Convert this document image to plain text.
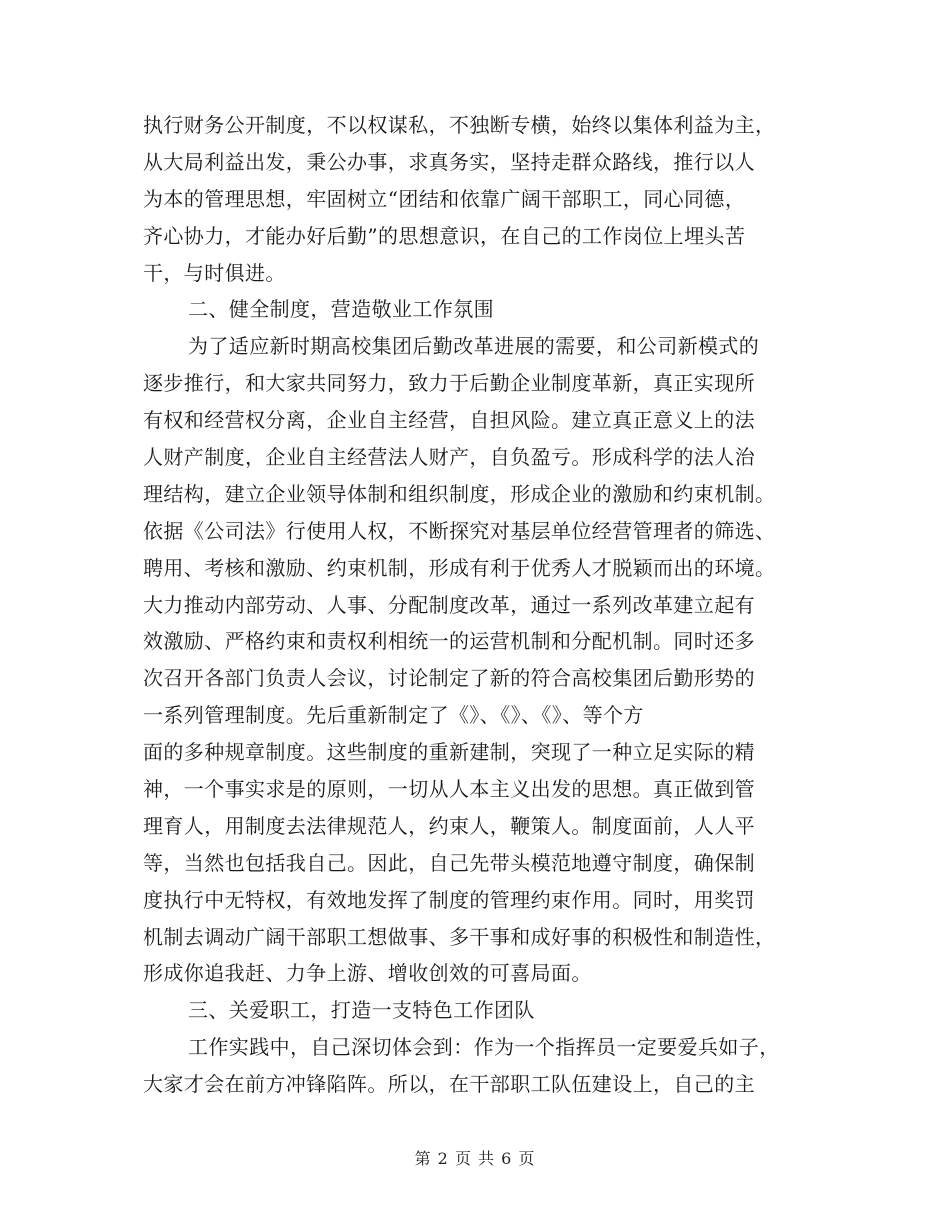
执行财务公开制度，不以权谋私，不独断专横，始终以集体利益为主，
从大局利益出发，秉公办事，求真务实，坚持走群众路线，推行以人
为本的管理思想，牢固树立“团结和依靠广阔干部职工，同心同德，
齐心协力，才能办好后勤”的思想意识，在自己的工作岗位上埋头苦
干，与时俱进。
二、健全制度，营造敬业工作氛围
为了适应新时期高校集团后勤改革进展的需要，和公司新模式的
逐步推行，和大家共同努力，致力于后勤企业制度革新，真正实现所
有权和经营权分离，企业自主经营，自担风险。建立真正意义上的法
人财产制度，企业自主经营法人财产，自负盈亏。形成科学的法人治
理结构，建立企业领导体制和组织制度，形成企业的激励和约束机制。
依据《公司法》行使用人权，不断探究对基层单位经营管理者的筛选、
聘用、考核和激励、约束机制，形成有利于优秀人才脱颖而出的环境。
大力推动内部劳动、人事、分配制度改革，通过一系列改革建立起有
效激励、严格约束和责权利相统一的运营机制和分配机制。同时还多
次召开各部门负责人会议，讨论制定了新的符合高校集团后勤形势的
一系列管理制度。先后重新制定了《》、《》、《》、等个方
面的多种规章制度。这些制度的重新建制，突现了一种立足实际的精
神，一个事实求是的原则，一切从人本主义出发的思想。真正做到管
理育人，用制度去法律规范人，约束人，鞭策人。制度面前，人人平
等，当然也包括我自己。因此，自己先带头模范地遵守制度，确保制
度执行中无特权，有效地发挥了制度的管理约束作用。同时，用奖罚
机制去调动广阔干部职工想做事、多干事和成好事的积极性和制造性，
形成你追我赶、力争上游、增收创效的可喜局面。
三、关爱职工，打造一支特色工作团队
工作实践中，自己深切体会到：作为一个指挥员一定要爱兵如子，
大家才会在前方冲锋陷阵。所以，在干部职工队伍建设上，自己的主
第 2 页 共 6 页
